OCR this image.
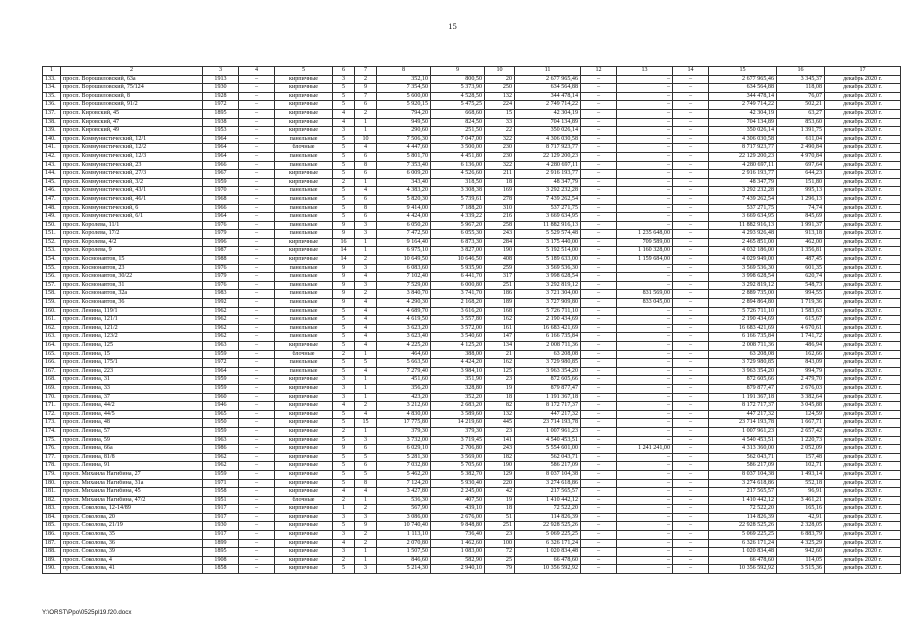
15
1	2	3	4	5	6	7	8	9	10	11	12	13	14	15	16	17
133.	просп. Ворошиловский, 63а	1913	–	кирпичные	3	2	352,10	800,50	20	2 677 965,46	–	–	–	2 677 965,46	3 345,37	декабрь 2020 г.
134.	просп. Ворошиловский, 75/124	1930	–	кирпичные	5	9	7 354,50	5 373,90	250	634 564,88	–	–	–	634 564,88	118,08	декабрь 2020 г.
135.	просп. Ворошиловский, 8	1928	–	кирпичные	5	7	5 600,00	4 528,50	132	344 478,14	–	–	–	344 478,14	76,07	декабрь 2020 г.
136.	просп. Ворошиловский, 91/2	1972	–	кирпичные	5	6	5 920,15	5 475,25	224	2 749 714,22	–	–	–	2 749 714,22	502,21	декабрь 2020 г.
137.	просп. Кировский, 45	1895	–	кирпичные	4	2	794,20	668,60	15	42 304,19	–	–	–	42 304,19	63,27	декабрь 2020 г.
138.	просп. Кировский, 47	1938	–	кирпичные	4	1	949,50	824,50	33	704 134,89	–	–	–	704 134,89	853,60	декабрь 2020 г.
139.	просп. Кировский, 49	1953	–	кирпичные	3	1	290,60	251,50	22	350 026,14	–	–	–	350 026,14	1 391,75	декабрь 2020 г.
140.	просп. Коммунистический, 12/1	1964	–	панельные	5	10	7 506,30	7 047,00	322	4 306 030,58	–	–	–	4 306 030,58	611,04	декабрь 2020 г.
141.	просп. Коммунистический, 12/2	1964	–	блочные	5	4	4 447,60	3 500,00	230	8 717 923,77	–	–	–	8 717 923,77	2 490,84	декабрь 2020 г.
142.	просп. Коммунистический, 12/3	1964	–	панельные	5	6	5 801,70	4 451,80	230	22 129 200,23	–	–	–	22 129 200,23	4 970,84	декабрь 2020 г.
143.	просп. Коммунистический, 23	1966	–	панельные	5	8	7 353,40	6 136,00	322	4 280 697,11	–	–	–	4 280 697,11	697,64	декабрь 2020 г.
144.	просп. Коммунистический, 27/3	1967	–	кирпичные	5	6	6 009,20	4 526,60	211	2 916 193,77	–	–	–	2 916 193,77	644,23	декабрь 2020 г.
145.	просп. Коммунистический, 3/2	1959	–	кирпичные	2	1	343,40	318,50	18	48 347,79	–	–	–	48 347,79	151,80	декабрь 2020 г.
146.	просп. Коммунистический, 43/1	1970	–	панельные	5	4	4 383,20	3 308,38	169	3 292 232,28	–	–	–	3 292 232,28	995,13	декабрь 2020 г.
147.	просп. Коммунистический, 46/1	1968	–	панельные	5	6	5 820,30	5 739,61	278	7 439 262,54	–	–	–	7 439 262,54	1 296,13	декабрь 2020 г.
148.	просп. Коммунистический, 6	1966	–	панельные	5	8	9 414,00	7 188,20	310	537 271,75	–	–	–	537 271,75	74,74	декабрь 2020 г.
149.	просп. Коммунистический, 6/1	1964	–	панельные	5	6	4 424,00	4 339,22	216	3 669 634,95	–	–	–	3 669 634,95	845,69	декабрь 2020 г.
150.	просп. Королева, 11/1	1976	–	панельные	9	3	6 050,20	5 967,20	258	11 882 916,13	–	–	–	11 882 916,13	1 991,37	декабрь 2020 г.
151.	просп. Королева, 17/2	1979	–	панельные	9	3	7 472,50	6 055,30	243	5 529 574,48	–	1 235 648,00	–	4 293 926,48	913,18	декабрь 2020 г.
152.	просп. Королева, 4/2	1996	–	кирпичные	16	1	9 164,40	6 873,30	284	3 175 440,00	–	709 589,00	–	2 465 851,00	462,00	декабрь 2020 г.
153.	просп. Королева, 9	1987	–	кирпичные	14	1	6 975,10	3 827,00	190	5 192 514,00	–	1 160 328,00	–	4 032 186,00	1 356,81	декабрь 2020 г.
154.	просп. Космонавтов, 15	1988	–	кирпичные	14	2	10 649,50	10 646,50	408	5 189 633,00	–	1 159 684,00	–	4 029 949,00	487,45	декабрь 2020 г.
155.	просп. Космонавтов, 23	1976	–	панельные	9	3	6 083,60	5 935,90	259	3 569 536,30	–	–	–	3 569 536,30	601,35	декабрь 2020 г.
156.	просп. Космонавтов, 30/22	1979	–	панельные	9	4	7 102,40	6 441,70	317	3 998 628,54	–	–	–	3 998 628,54	620,74	декабрь 2020 г.
157.	просп. Космонавтов, 31	1976	–	панельные	9	3	7 529,00	6 000,80	251	3 292 819,12	–	–	–	3 292 819,12	548,73	декабрь 2020 г.
158.	просп. Космонавтов, 32а	1983	–	панельные	9	2	3 840,70	3 741,70	186	3 721 304,00	–	831 569,00	–	2 889 735,00	994,55	декабрь 2020 г.
159.	просп. Космонавтов, 36	1992	–	панельные	9	4	4 290,30	2 168,20	189	3 727 909,80	–	833 045,00	–	2 894 864,80	1 719,36	декабрь 2020 г.
160.	просп. Ленина, 119/1	1962	–	панельные	5	4	4 689,70	3 616,20	168	5 726 711,10	–	–	–	5 726 711,10	1 583,63	декабрь 2020 г.
161.	просп. Ленина, 121/1	1962	–	панельные	5	4	4 619,50	3 557,80	162	2 190 434,69	–	–	–	2 190 434,69	615,67	декабрь 2020 г.
162.	просп. Ленина, 121/2	1962	–	панельные	5	4	3 623,20	3 572,00	161	16 683 421,69	–	–	–	16 683 421,69	4 670,61	декабрь 2020 г.
163.	просп. Ленина, 123/2	1962	–	панельные	5	4	3 623,40	3 540,60	147	6 166 735,84	–	–	–	6 166 735,84	1 741,72	декабрь 2020 г.
164.	просп. Ленина, 125	1963	–	кирпичные	5	4	4 225,20	4 125,20	134	2 008 711,36	–	–	–	2 008 711,36	486,94	декабрь 2020 г.
165.	просп. Ленина, 15	1959	–	блочные	2	1	464,60	388,00	21	63 208,08	–	–	–	63 208,08	162,66	декабрь 2020 г.
166.	просп. Ленина, 175/1	1972	–	панельные	5	5	5 663,50	4 424,20	162	3 729 980,85	–	–	–	3 729 980,85	843,09	декабрь 2020 г.
167.	просп. Ленина, 223	1964	–	панельные	5	4	7 279,40	3 984,10	125	3 963 354,20	–	–	–	3 963 354,20	994,79	декабрь 2020 г.
168.	просп. Ленина, 31	1959	–	кирпичные	3	1	451,60	351,90	23	872 605,66	–	–	–	872 605,66	2 479,70	декабрь 2020 г.
169.	просп. Ленина, 33	1959	–	кирпичные	3	1	356,20	328,80	19	879 877,47	–	–	–	879 877,47	2 676,03	декабрь 2020 г.
170.	просп. Ленина, 37	1960	–	кирпичные	3	1	423,20	352,20	18	1 191 367,18	–	–	–	1 191 367,18	3 382,64	декабрь 2020 г.
171.	просп. Ленина, 44/2	1946	–	кирпичные	4	2	3 212,60	2 683,20	82	8 172 717,37	–	–	–	8 172 717,37	3 045,88	декабрь 2020 г.
172.	просп. Ленина, 44/5	1965	–	кирпичные	5	4	4 830,00	3 589,60	132	447 217,32	–	–	–	447 217,32	124,59	декабрь 2020 г.
173.	просп. Ленина, 48	1950	–	кирпичные	5	15	17 775,80	14 219,60	445	23 714 193,78	–	–	–	23 714 193,78	1 667,71	декабрь 2020 г.
174.	просп. Ленина, 57	1959	–	кирпичные	2	1	379,30	379,30	23	1 007 961,23	–	–	–	1 007 961,23	2 657,42	декабрь 2020 г.
175.	просп. Ленина, 59	1963	–	кирпичные	5	3	3 732,00	3 719,45	141	4 540 453,51	–	–	–	4 540 453,51	1 220,73	декабрь 2020 г.
176.	просп. Ленина, 66а	1986	–	кирпичные	9	6	6 029,10	2 706,80	243	5 554 601,00	–	1 241 241,00	–	4 313 360,00	2 052,09	декабрь 2020 г.
177.	просп. Ленина, 81/8	1962	–	кирпичные	5	5	5 281,30	3 569,00	182	562 043,71	–	–	–	562 043,71	157,48	декабрь 2020 г.
178.	просп. Ленина, 91	1962	–	кирпичные	5	6	7 032,80	5 705,60	190	586 217,09	–	–	–	586 217,09	102,71	декабрь 2020 г.
179.	просп. Михаила Нагибина, 27	1959	–	кирпичные	5	5	5 462,20	5 382,70	129	8 037 104,38	–	–	–	8 037 104,38	1 493,14	декабрь 2020 г.
180.	просп. Михаила Нагибина, 31а	1971	–	кирпичные	5	8	7 124,20	5 930,40	220	3 274 618,86	–	–	–	3 274 618,86	552,18	декабрь 2020 г.
181.	просп. Михаила Нагибина, 45	1958	–	кирпичные	4	4	3 427,80	2 245,00	42	217 565,57	–	–	–	217 565,57	96,91	декабрь 2020 г.
182.	просп. Михаила Нагибина, 47/2	1951	–	блочные	2	1	536,30	407,50	19	1 410 442,12	–	–	–	1 410 442,12	3 461,21	декабрь 2020 г.
183.	просп. Соколова, 12-14/89	1917	–	кирпичные	1	2	567,90	439,10	18	72 522,20	–	–	–	72 522,20	165,16	декабрь 2020 г.
184.	просп. Соколова, 20	1917	–	кирпичные	3	3	3 086,00	2 676,00	51	114 826,39	–	–	–	114 826,39	42,91	декабрь 2020 г.
185.	просп. Соколова, 21/19	1930	–	кирпичные	5	9	10 740,40	9 848,80	251	22 928 525,26	–	–	–	22 928 525,26	2 328,05	декабрь 2020 г.
186.	просп. Соколова, 35	1917	–	кирпичные	3	2	1 113,10	736,40	23	5 069 225,25	–	–	–	5 069 225,25	6 883,79	декабрь 2020 г.
187.	просп. Соколова, 36	1899	–	кирпичные	4	2	2 070,80	1 462,60	100	6 326 171,24	–	–	–	6 326 171,24	4 325,29	декабрь 2020 г.
188.	просп. Соколова, 39	1895	–	кирпичные	3	1	1 507,50	1 083,00	72	1 020 834,48	–	–	–	1 020 834,48	942,60	декабрь 2020 г.
189.	просп. Соколова, 4	1908	–	кирпичные	2	1	846,60	582,90	25	66 478,60	–	–	–	66 478,60	114,05	декабрь 2020 г.
190.	просп. Соколова, 41	1858	–	кирпичные	5	3	5 214,30	2 940,10	79	10 356 592,92	–	–	–	10 356 592,92	3 515,36	декабрь 2020 г.
Y:\ORST\Ppo\0525pl19.f20.docx
